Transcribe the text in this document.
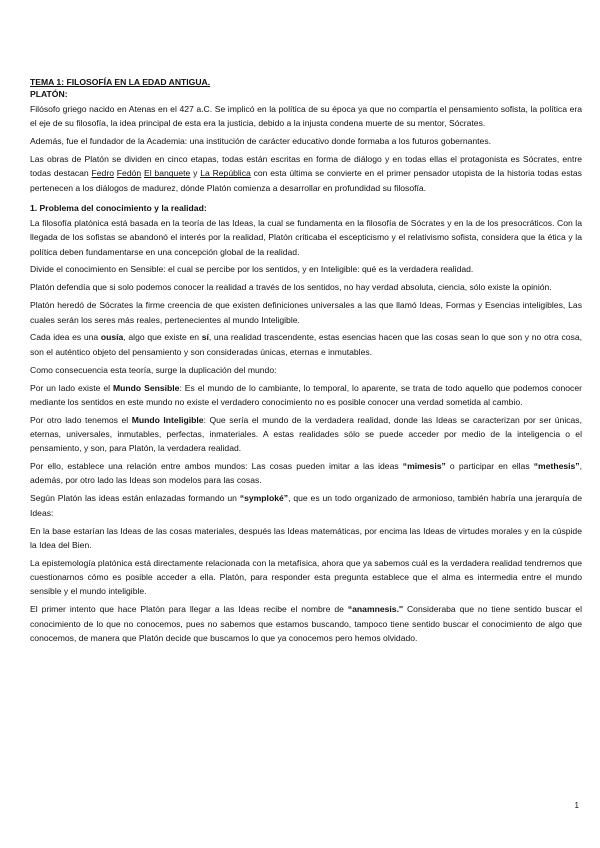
TEMA 1: FILOSOFÍA EN LA EDAD ANTIGUA.

PLATÓN:

Filósofo griego nacido en Atenas en el 427 a.C. Se implicó en la política de su época ya que no compartía el pensamiento sofista, la política era el eje de su filosofía, la idea principal de esta era la justicia, debido a la injusta condena muerte de su mentor, Sócrates.

Además, fue el fundador de la Academia: una institución de carácter educativo donde formaba a los futuros gobernantes.

Las obras de Platón se dividen en cinco etapas, todas están escritas en forma de diálogo y en todas ellas el protagonista es Sócrates, entre todas destacan Fedro Fedón El banquete y La República con esta última se convierte en el primer pensador utopista de la historia todas estas pertenecen a los diálogos de madurez, dónde Platón comienza a desarrollar en profundidad su filosofía.

1. Problema del conocimiento y la realidad:

La filosofía platónica está basada en la teoría de las Ideas, la cual se fundamenta en la filosofía de Sócrates y en la de los presocráticos. Con la llegada de los sofistas se abandonó el interés por la realidad, Platón criticaba el escepticismo y el relativismo sofista, considera que la ética y la política deben fundamentarse en una concepción global de la realidad.

Divide el conocimiento en Sensible: el cual se percibe por los sentidos, y en Inteligible: qué es la verdadera realidad.

Platón defendía que si solo podemos conocer la realidad a través de los sentidos, no hay verdad absoluta, ciencia, sólo existe la opinión.

Platón heredó de Sócrates la firme creencia de que existen definiciones universales a las que llamó Ideas, Formas y Esencias inteligibles, Las cuales serán los seres más reales, pertenecientes al mundo Inteligible.

Cada idea es una ousía, algo que existe en sí, una realidad trascendente, estas esencias hacen que las cosas sean lo que son y no otra cosa, son el auténtico objeto del pensamiento y son consideradas únicas, eternas e inmutables.

Como consecuencia esta teoría, surge la duplicación del mundo:

Por un lado existe el Mundo Sensible: Es el mundo de lo cambiante, lo temporal, lo aparente, se trata de todo aquello que podemos conocer mediante los sentidos en este mundo no existe el verdadero conocimiento no es posible conocer una verdad sometida al cambio.

Por otro lado tenemos el Mundo Inteligible: Que sería el mundo de la verdadera realidad, donde las Ideas se caracterizan por ser únicas, eternas, universales, inmutables, perfectas, inmateriales. A estas realidades sólo se puede acceder por medio de la inteligencia o el pensamiento, y son, para Platón, la verdadera realidad.

Por ello, establece una relación entre ambos mundos: Las cosas pueden imitar a las ideas “mimesis” o participar en ellas “methesis”, además, por otro lado las Ideas son modelos para las cosas.

Según Platón las ideas están enlazadas formando un “symploké”, que es un todo organizado de armonioso, también habría una jerarquía de Ideas:

En la base estarían las Ideas de las cosas materiales, después las Ideas matemáticas, por encima las Ideas de virtudes morales y en la cúspide la Idea del Bien.

La epistemología platónica está directamente relacionada con la metafísica, ahora que ya sabemos cuál es la verdadera realidad tendremos que cuestionarnos cómo es posible acceder a ella. Platón, para responder esta pregunta establece que el alma es intermedia entre el mundo sensible y el mundo inteligible.

El primer intento que hace Platón para llegar a las Ideas recibe el nombre de “anamnesis.'' Consideraba que no tiene sentido buscar el conocimiento de lo que no conocemos, pues no sabemos que estamos buscando, tampoco tiene sentido buscar el conocimiento de algo que conocemos, de manera que Platón decide que buscamos lo que ya conocemos pero hemos olvidado.

1
